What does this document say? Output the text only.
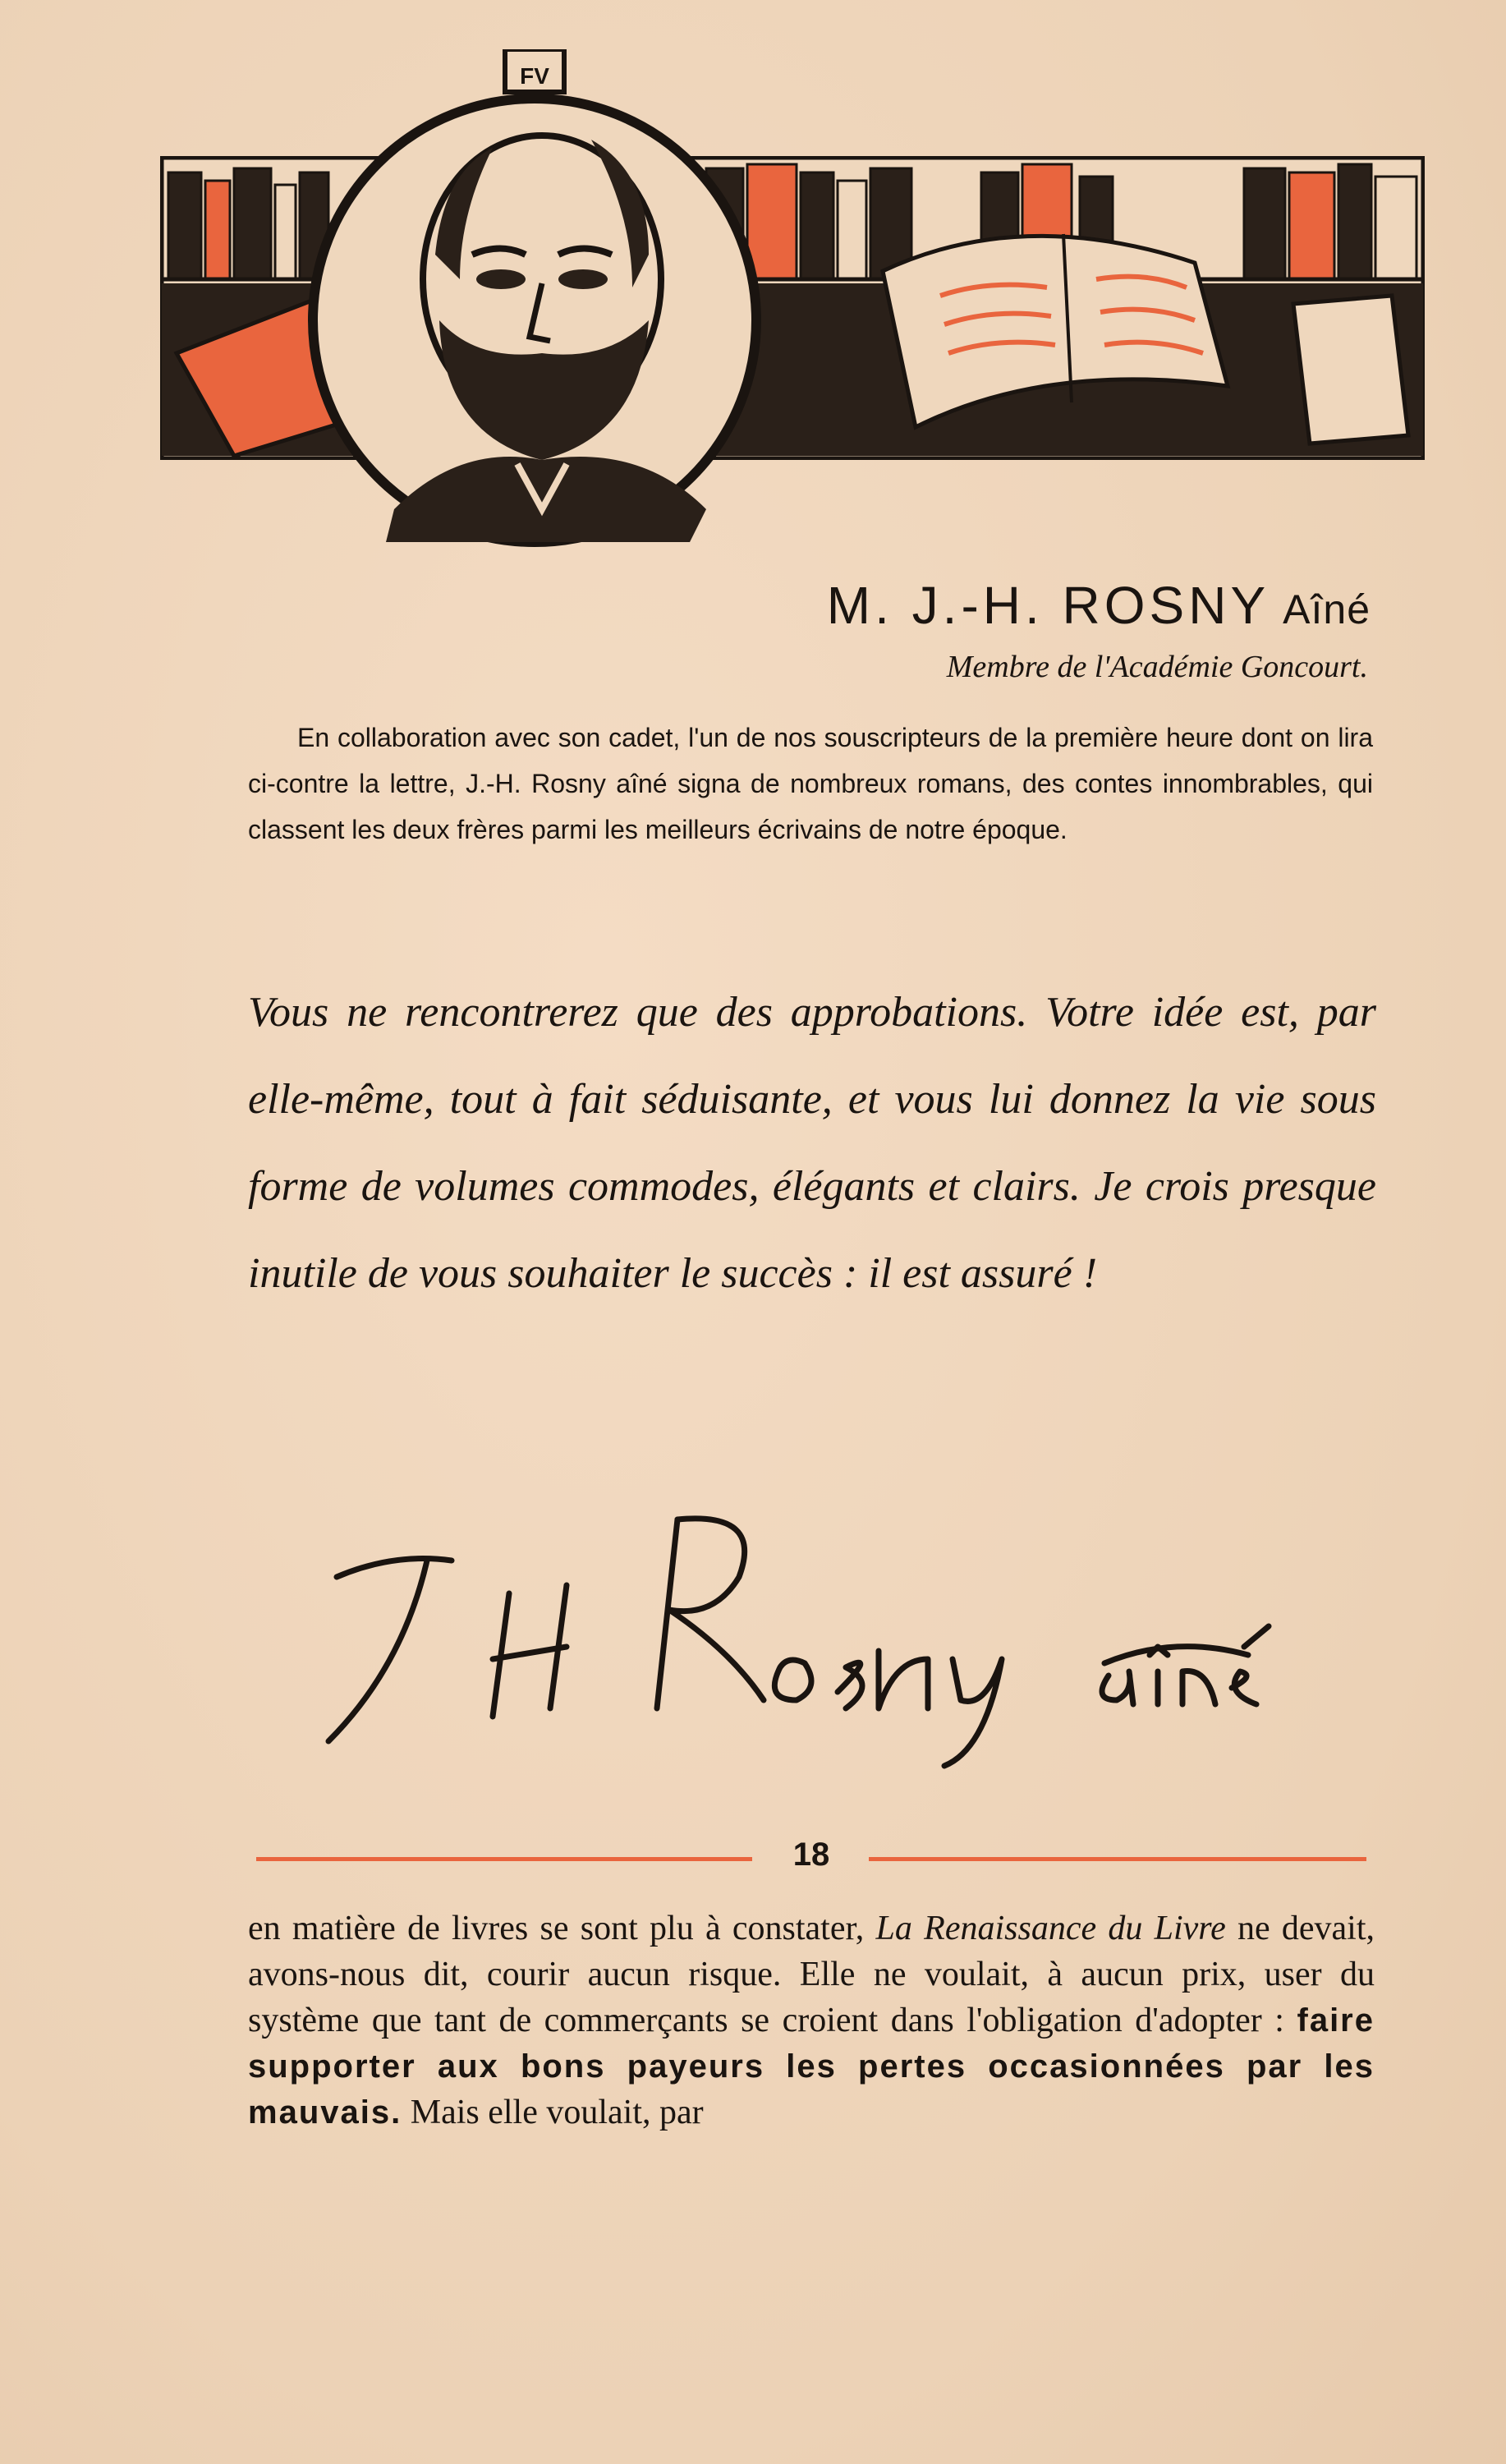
FV
M. J.-H. ROSNY Aîné
Membre de l'Académie Goncourt.
En collaboration avec son cadet, l'un de nos souscripteurs de la première heure dont on lira ci-contre la lettre, J.-H. Rosny aîné signa de nombreux romans, des contes innombrables, qui classent les deux frères parmi les meilleurs écrivains de notre époque.
Vous ne rencontrerez que des approbations. Votre idée est, par elle-même, tout à fait séduisante, et vous lui donnez la vie sous forme de volumes commodes, élégants et clairs. Je crois presque inutile de vous souhaiter le succès : il est assuré !
18
en matière de livres se sont plu à constater, La Renaissance du Livre ne devait, avons-nous dit, courir aucun risque. Elle ne voulait, à aucun prix, user du système que tant de commerçants se croient dans l'obligation d'adopter : faire supporter aux bons payeurs les pertes occasionnées par les mauvais. Mais elle voulait, par
